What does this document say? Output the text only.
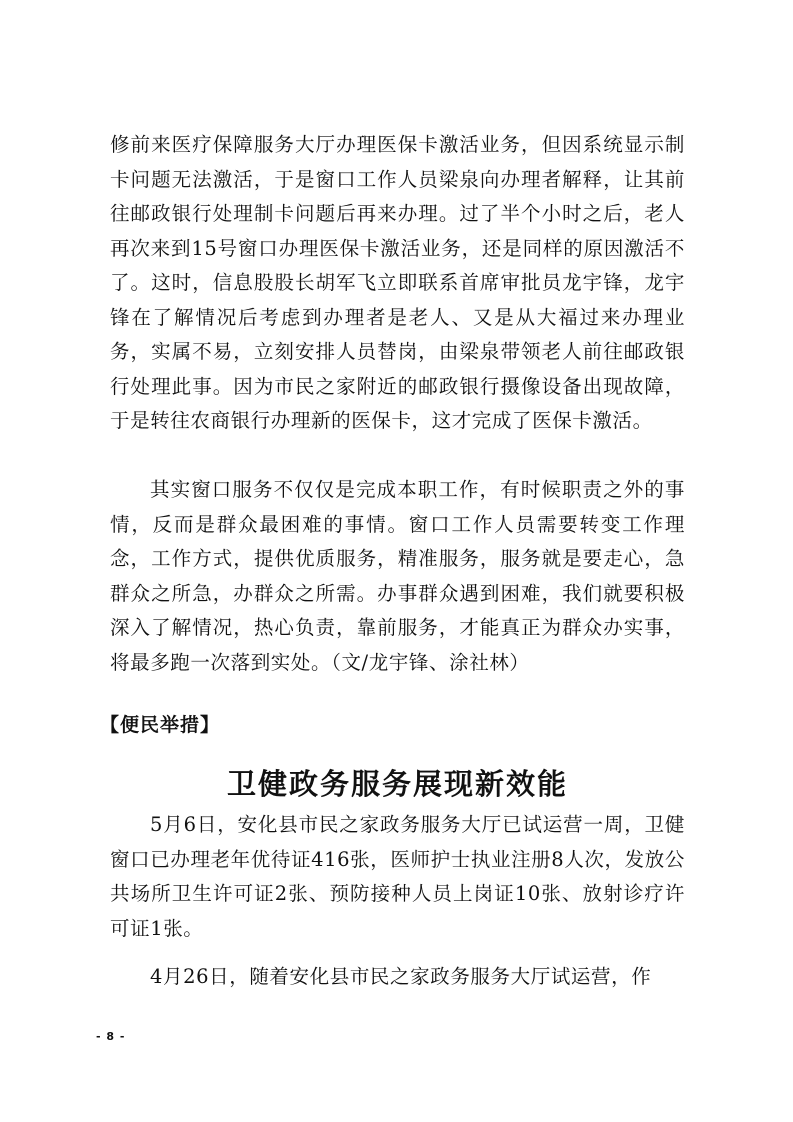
修前来医疗保障服务大厅办理医保卡激活业务，但因系统显示制卡问题无法激活，于是窗口工作人员梁泉向办理者解释，让其前往邮政银行处理制卡问题后再来办理。过了半个小时之后，老人再次来到15号窗口办理医保卡激活业务，还是同样的原因激活不了。这时，信息股股长胡军飞立即联系首席审批员龙宇锋，龙宇锋在了解情况后考虑到办理者是老人、又是从大福过来办理业务，实属不易，立刻安排人员替岗，由梁泉带领老人前往邮政银行处理此事。因为市民之家附近的邮政银行摄像设备出现故障，于是转往农商银行办理新的医保卡，这才完成了医保卡激活。

其实窗口服务不仅仅是完成本职工作，有时候职责之外的事情，反而是群众最困难的事情。窗口工作人员需要转变工作理念，工作方式，提供优质服务，精准服务，服务就是要走心，急群众之所急，办群众之所需。办事群众遇到困难，我们就要积极深入了解情况，热心负责，靠前服务，才能真正为群众办实事，将最多跑一次落到实处。（文/龙宇锋、涂社林）

【便民举措】
卫健政务服务展现新效能

5月6日，安化县市民之家政务服务大厅已试运营一周，卫健窗口已办理老年优待证416张，医师护士执业注册8人次，发放公共场所卫生许可证2张、预防接种人员上岗证10张、放射诊疗许可证1张。

4月26日，随着安化县市民之家政务服务大厅试运营，作

- 8 -
